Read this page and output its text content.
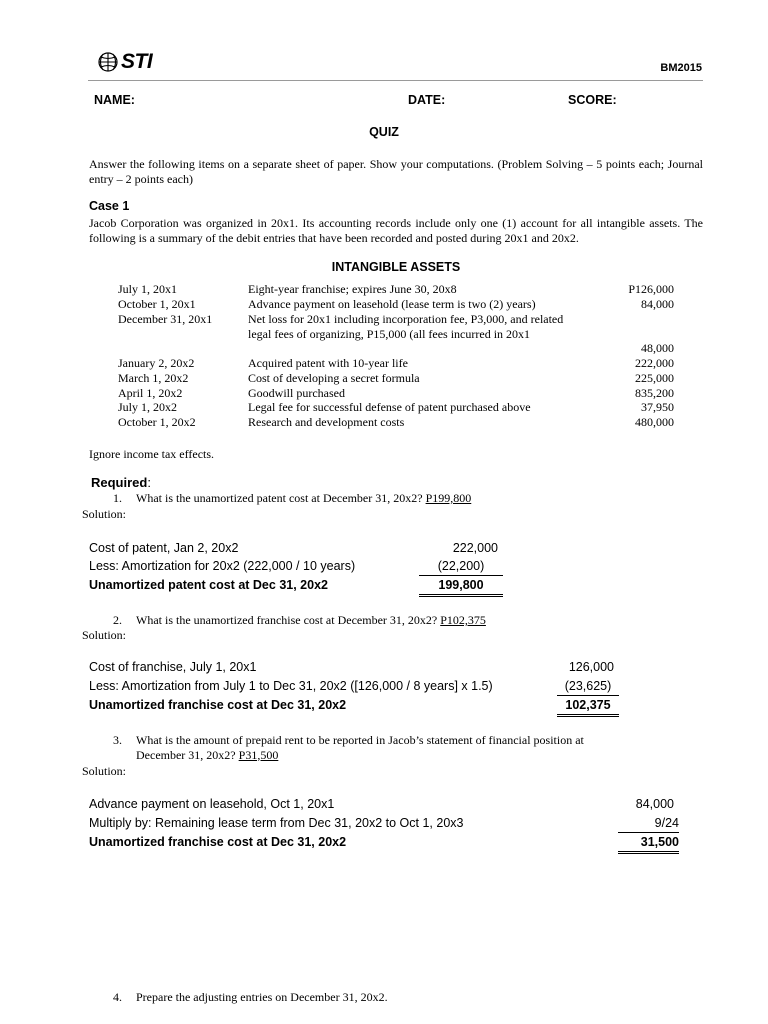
STI	BM2015
NAME:	DATE:	SCORE:
QUIZ
Answer the following items on a separate sheet of paper. Show your computations. (Problem Solving – 5 points each; Journal entry – 2 points each)
Case 1
Jacob Corporation was organized in 20x1. Its accounting records include only one (1) account for all intangible assets. The following is a summary of the debit entries that have been recorded and posted during 20x1 and 20x2.
INTANGIBLE ASSETS
July 1, 20x1	Eight-year franchise; expires June 30, 20x8	P126,000
October 1, 20x1	Advance payment on leasehold (lease term is two (2) years)	84,000
December 31, 20x1	Net loss for 20x1 including incorporation fee, P3,000, and related legal fees of organizing, P15,000 (all fees incurred in 20x1
48,000
January 2, 20x2	Acquired patent with 10-year life	222,000
March 1, 20x2	Cost of developing a secret formula	225,000
April 1, 20x2	Goodwill purchased	835,200
July 1, 20x2	Legal fee for successful defense of patent purchased above	37,950
October 1, 20x2	Research and development costs	480,000
Ignore income tax effects.
Required:
1. What is the unamortized patent cost at December 31, 20x2? P199,800
Solution:
Cost of patent, Jan 2, 20x2	222,000
Less: Amortization for 20x2 (222,000 / 10 years)	(22,200)
Unamortized patent cost at Dec 31, 20x2	199,800
2. What is the unamortized franchise cost at December 31, 20x2? P102,375
Solution:
Cost of franchise, July 1, 20x1	126,000
Less: Amortization from July 1 to Dec 31, 20x2 ([126,000 / 8 years] x 1.5)	(23,625)
Unamortized franchise cost at Dec 31, 20x2	102,375
3. What is the amount of prepaid rent to be reported in Jacob’s statement of financial position at
December 31, 20x2? P31,500
Solution:
Advance payment on leasehold, Oct 1, 20x1	84,000
Multiply by: Remaining lease term from Dec 31, 20x2 to Oct 1, 20x3	9/24
Unamortized franchise cost at Dec 31, 20x2	31,500
4. Prepare the adjusting entries on December 31, 20x2.
